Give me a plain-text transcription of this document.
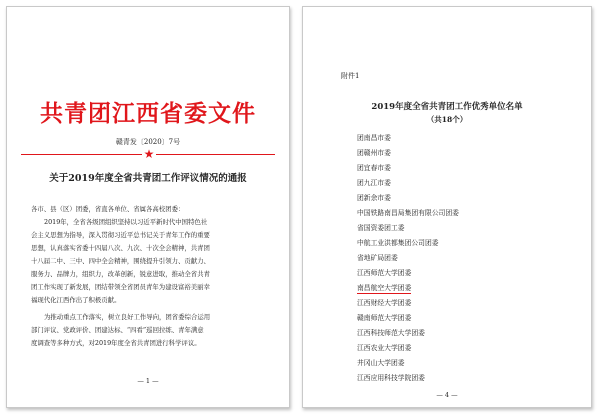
共青团江西省委文件
赣青发〔2020〕7号
★
关于2019年度全省共青团工作评议情况的通报
各市、县（区）团委，省直各单位、省属各高校团委：
2019年，全省各级团组织坚持以习近平新时代中国特色社
会主义思想为指导，深入贯彻习近平总书记关于青年工作的重要
思想，认真落实省委十四届八次、九次、十次全会精神，共青团
十八届二中、三中、四中全会精神，围绕提升引领力、贡献力、
服务力、品牌力，组织力，改革创新，锐意进取，推动全省共青
团工作实现了新发展，团结带领全省团员青年为建设富裕美丽幸
福现代化江西作出了积极贡献。
为推动重点工作落实，树立良好工作导向，团省委综合运用
部门评议、党政评价、团建达标、“四看”巡回拉练、青年满意
度调查等多种方式，对2019年度全省共青团进行科学评议。
— 1 —
附件1
2019年度全省共青团工作优秀单位名单
（共18个）
团南昌市委
团赣州市委
团宜春市委
团九江市委
团新余市委
中国铁路南昌局集团有限公司团委
省国资委团工委
中航工业洪都集团公司团委
省地矿局团委
江西师范大学团委
南昌航空大学团委
江西财经大学团委
赣南师范大学团委
江西科技师范大学团委
江西农业大学团委
井冈山大学团委
江西应用科技学院团委
— 4 —
